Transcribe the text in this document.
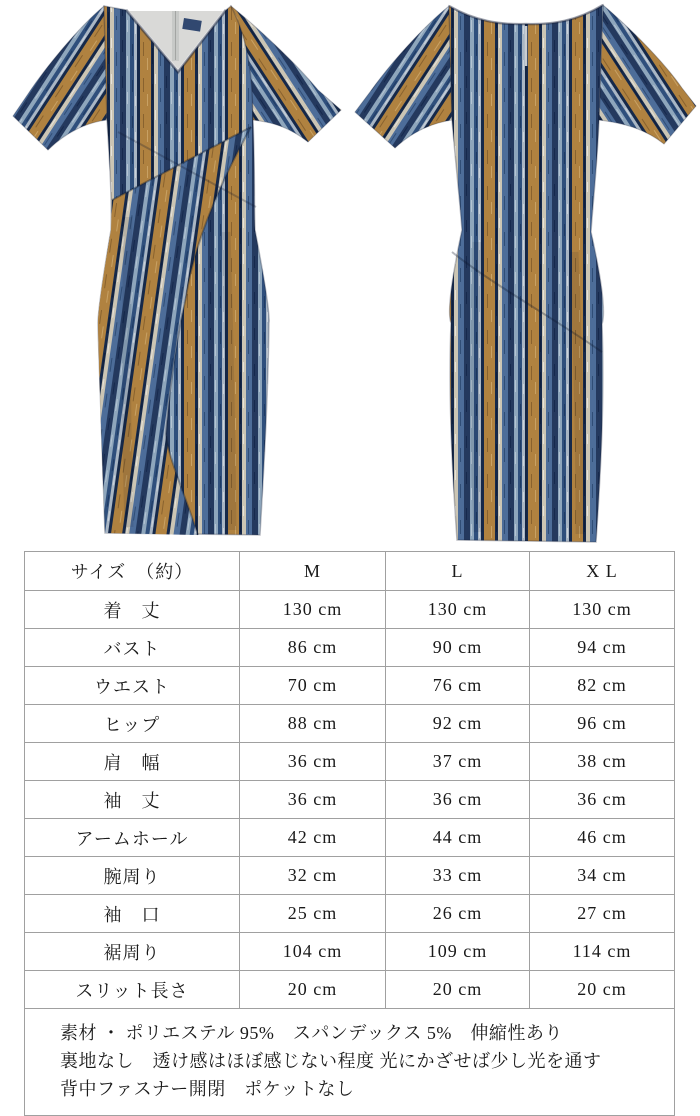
サイズ　（約）	M	L	X L
着　丈	130 cm	130 cm	130 cm
バスト	86 cm	90 cm	94 cm
ウエスト	70 cm	76 cm	82 cm
ヒップ	88 cm	92 cm	96 cm
肩　幅	36 cm	37 cm	38 cm
袖　丈	36 cm	36 cm	36 cm
アームホール	42 cm	44 cm	46 cm
腕周り	32 cm	33 cm	34 cm
袖　口	25 cm	26 cm	27 cm
裾周り	104 cm	109 cm	114 cm
スリット長さ	20 cm	20 cm	20 cm

素材 ・ ポリエステル 95%　スパンデックス 5%　伸縮性あり
裏地なし　透け感はほぼ感じない程度 光にかざせば少し光を通す
背中ファスナー開閉　ポケットなし			
